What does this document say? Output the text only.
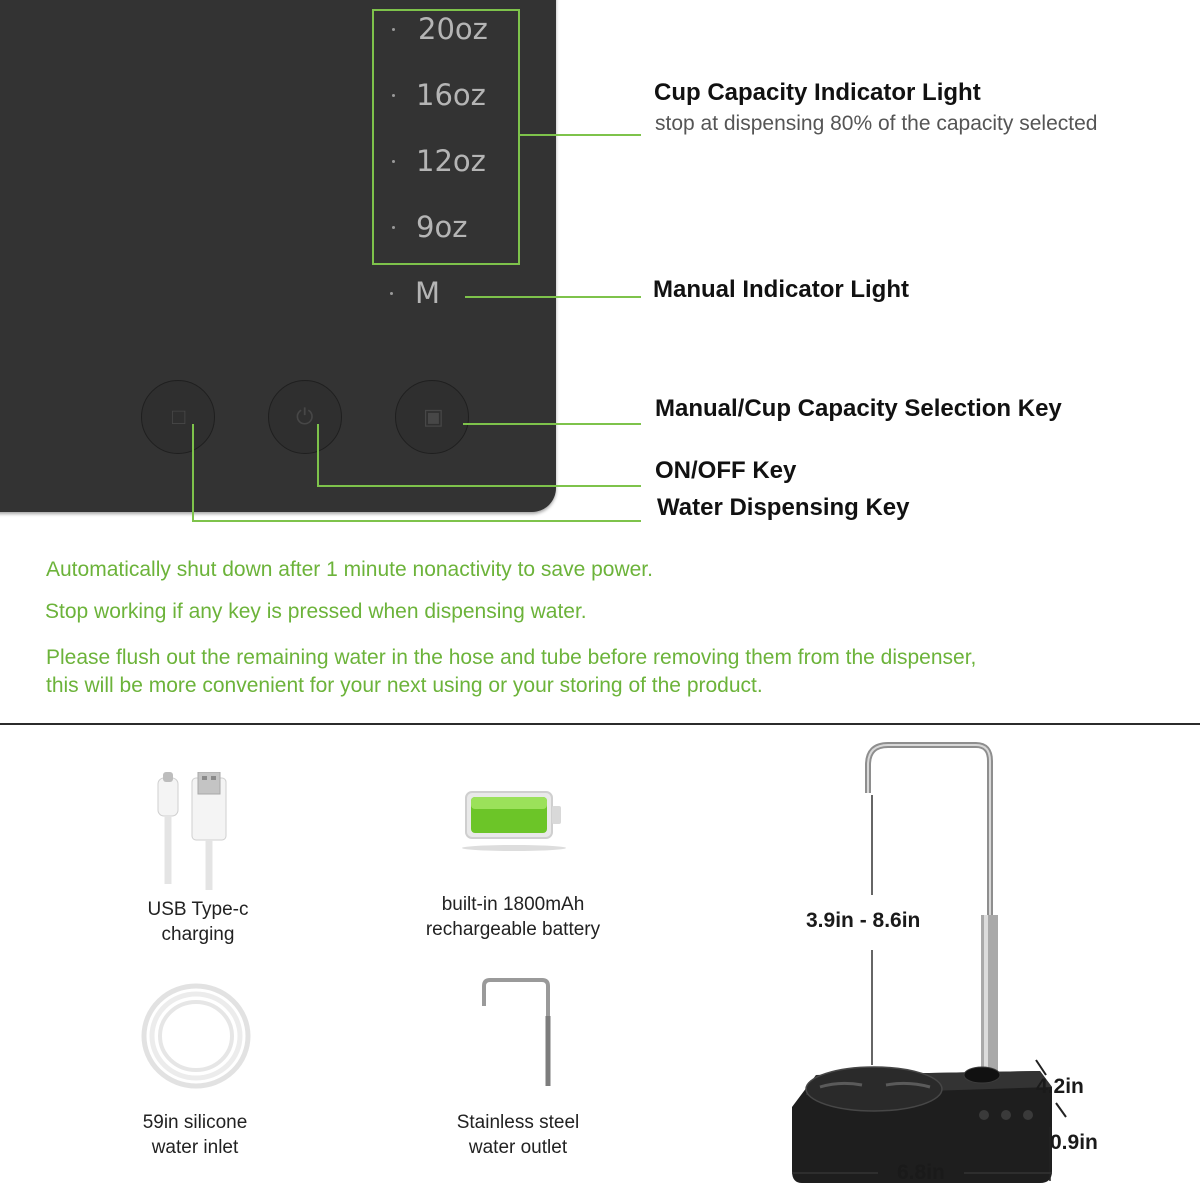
20oz
16oz
12oz
9oz
M
□	⏻	▣
Cup Capacity Indicator Light
stop at dispensing 80% of the capacity selected
Manual Indicator Light
Manual/Cup Capacity Selection Key
ON/OFF Key
Water Dispensing Key
Automatically shut down after 1 minute nonactivity to save power.
Stop working if any key is pressed when dispensing water.
Please flush out the remaining water in the hose and tube before removing them from the dispenser,
this will be more convenient for your next using or your storing of the product.
USB Type-c
charging
built-in 1800mAh
rechargeable battery
59in silicone
water inlet
Stainless steel
water outlet
3.9in - 8.6in
4.2in
0.9in
6.8in
